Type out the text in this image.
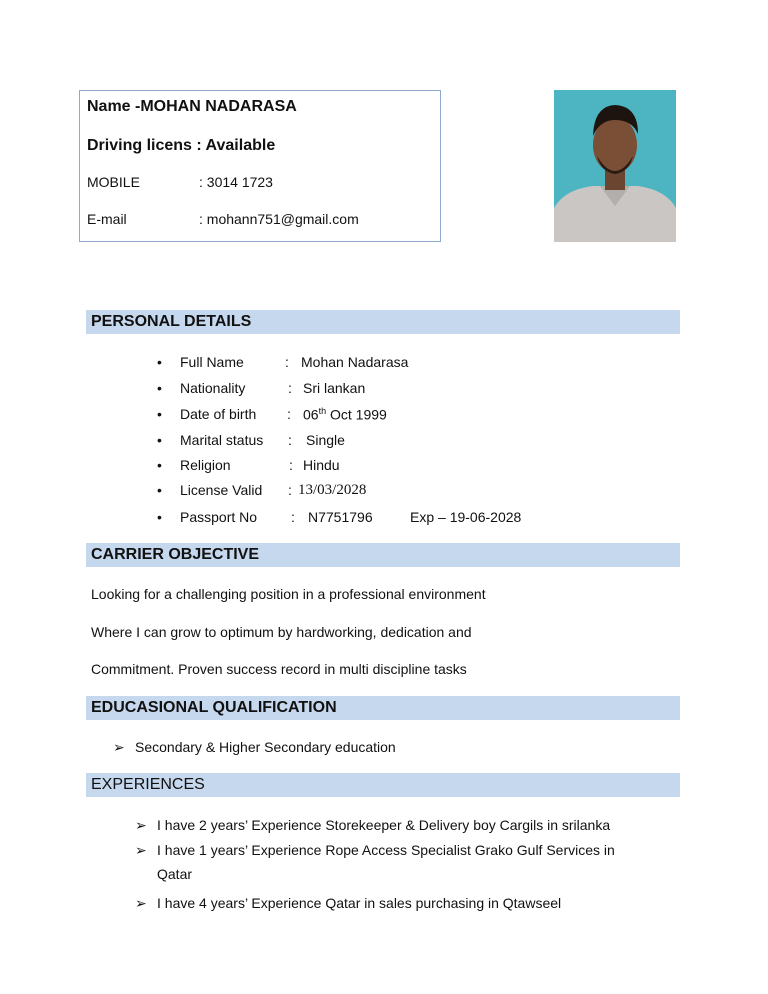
Name -MOHAN NADARASA
Driving licens : Available
MOBILE	: 3014 1723
E-mail	: mohann751@gmail.com
PERSONAL DETAILS
• Full Name	: Mohan Nadarasa
• Nationality	: Sri lankan
• Date of birth : 06th Oct 1999
• Marital status : Single
• Religion	: Hindu
• License Valid : 13/03/2028
• Passport No : N7751796	Exp – 19-06-2028
CARRIER OBJECTIVE
Looking for a challenging position in a professional environment
Where I can grow to optimum by hardworking, dedication and
Commitment. Proven success record in multi discipline tasks
EDUCASIONAL QUALIFICATION
➢ Secondary & Higher Secondary education
EXPERIENCES
➢ I have 2 years’ Experience Storekeeper & Delivery boy Cargils in srilanka
➢ I have 1 years’ Experience Rope Access Specialist Grako Gulf Services in
Qatar
➢ I have 4 years’ Experience Qatar in sales purchasing in Qtawseel
